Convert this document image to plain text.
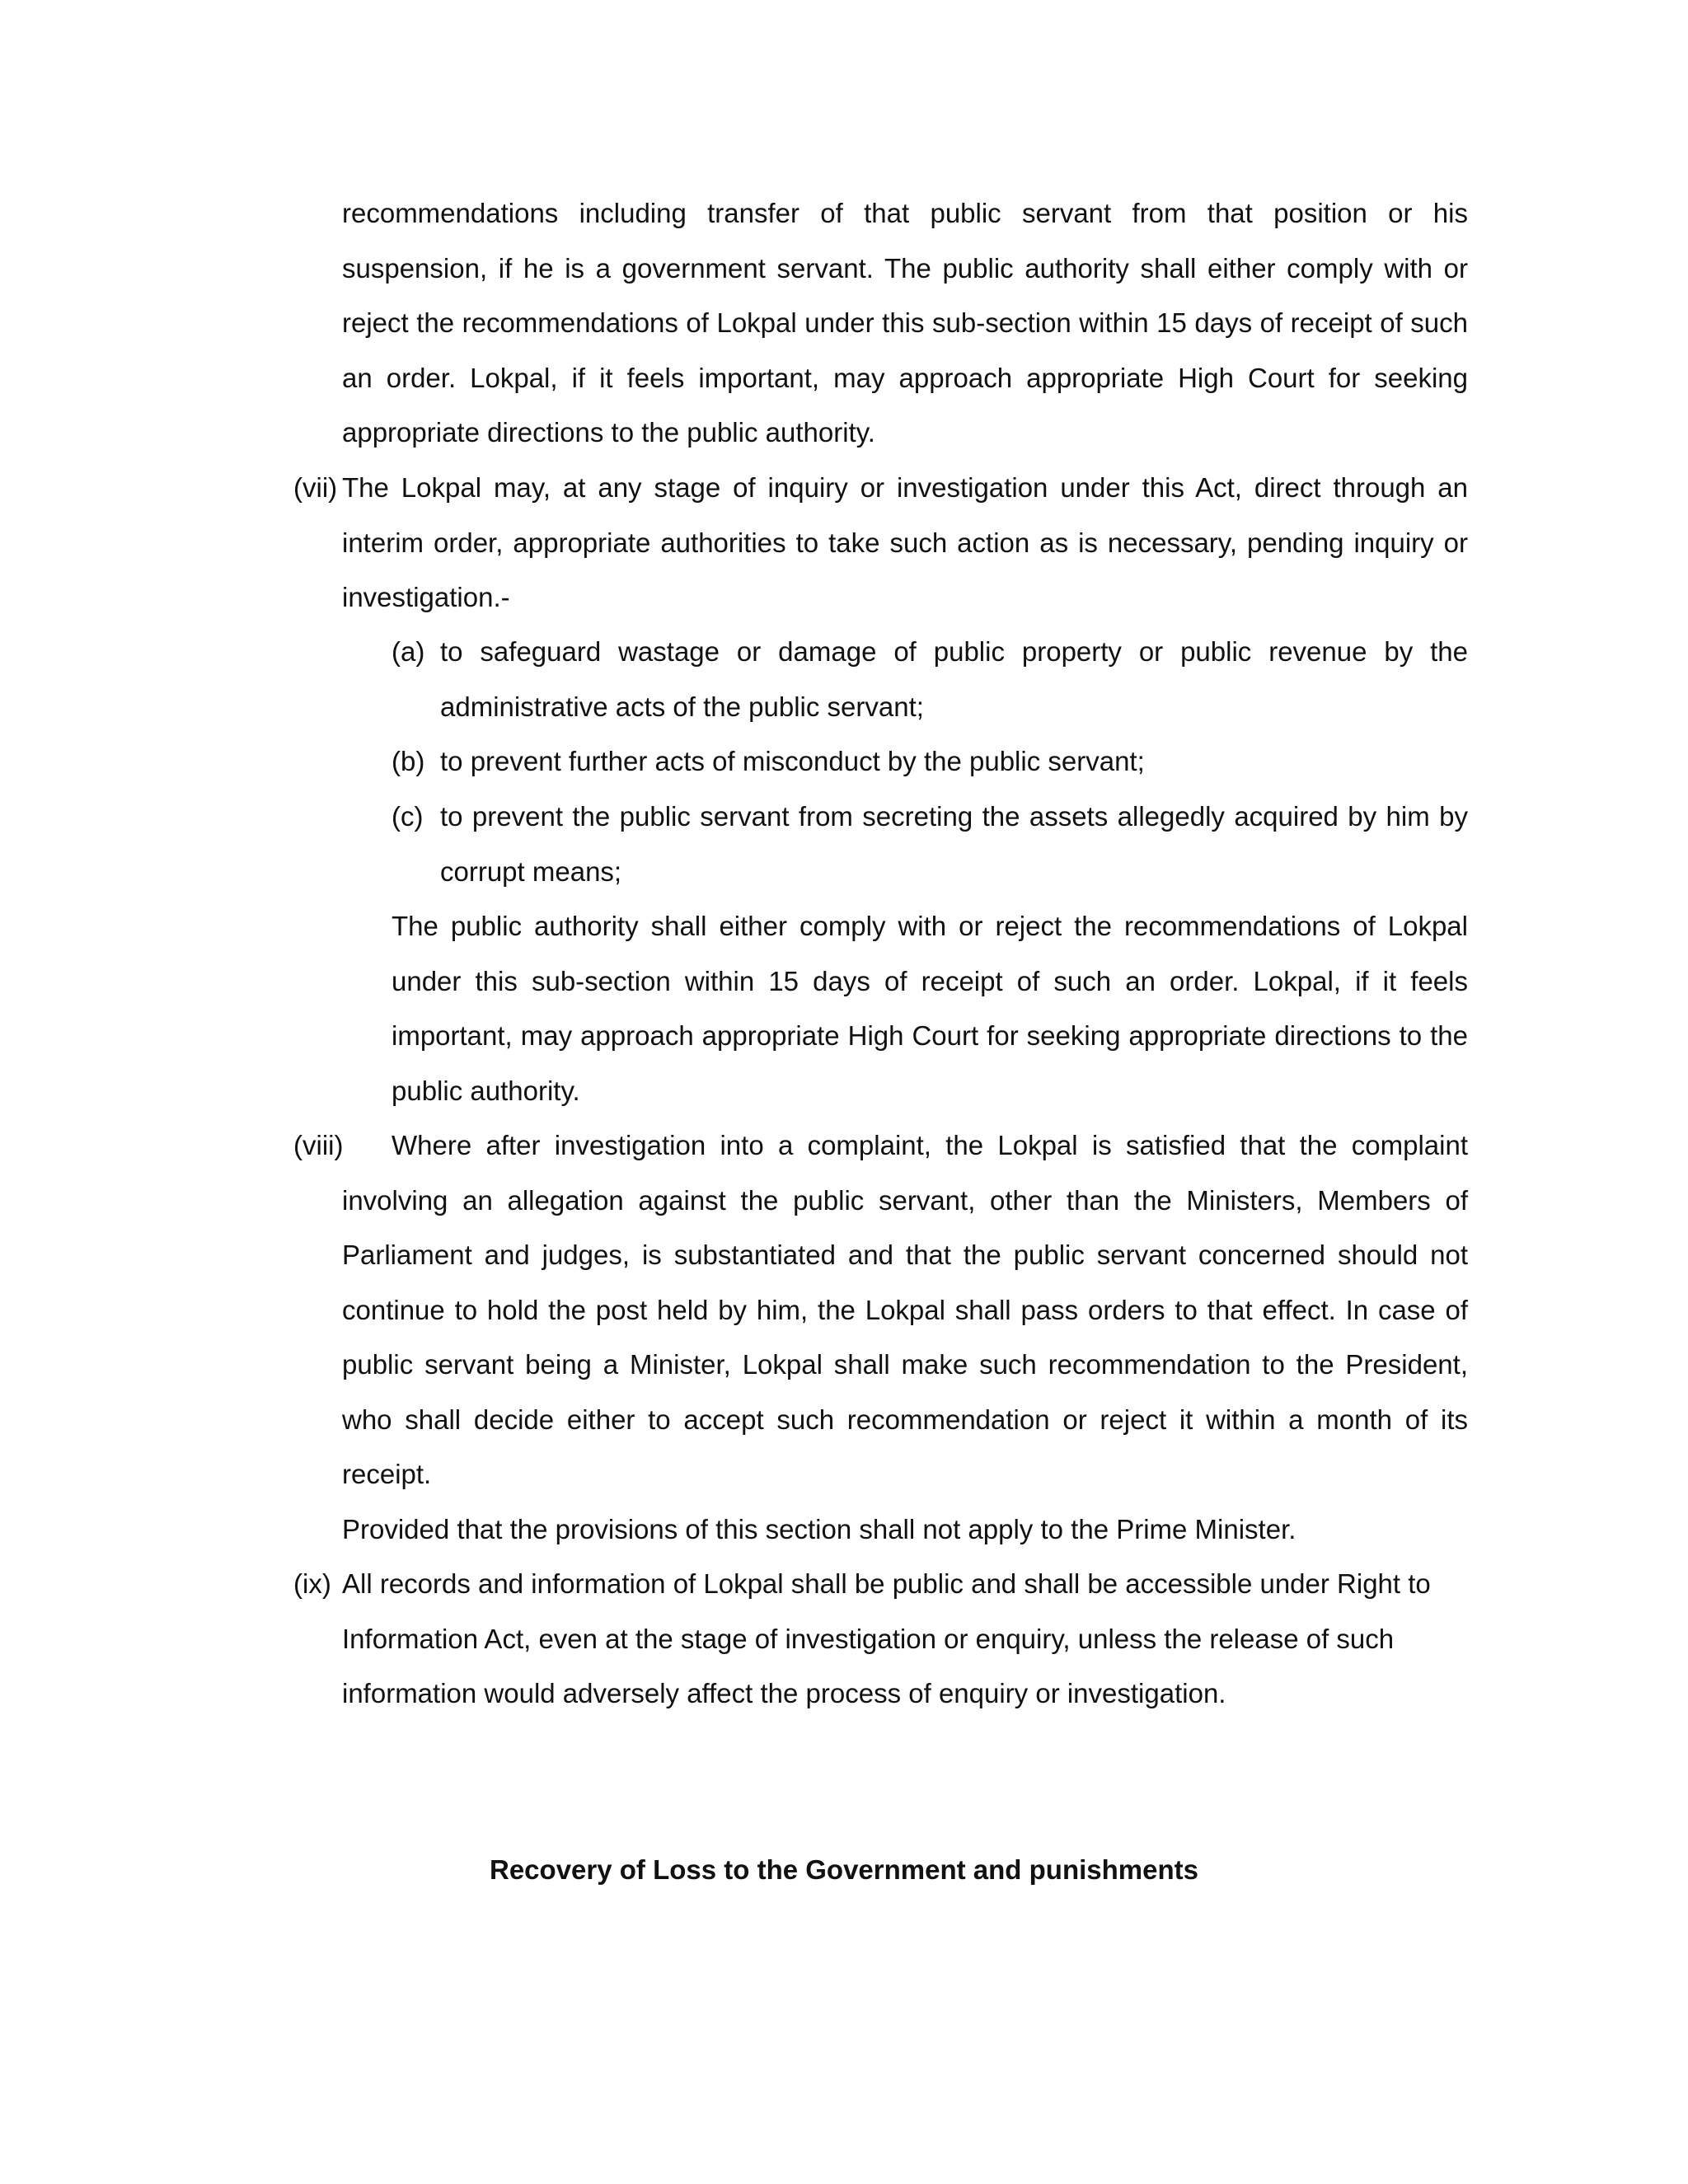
recommendations including transfer of that public servant from that position or his suspension, if he is a government servant. The public authority shall either comply with or reject the recommendations of Lokpal under this sub-section within 15 days of receipt of such an order. Lokpal, if it feels important, may approach appropriate High Court for seeking appropriate directions to the public authority.

(vii) The Lokpal may, at any stage of inquiry or investigation under this Act, direct through an interim order, appropriate authorities to take such action as is necessary, pending inquiry or investigation.-

(a) to safeguard wastage or damage of public property or public revenue by the administrative acts of the public servant;

(b) to prevent further acts of misconduct by the public servant;

(c) to prevent the public servant from secreting the assets allegedly acquired by him by corrupt means;

The public authority shall either comply with or reject the recommendations of Lokpal under this sub-section within 15 days of receipt of such an order. Lokpal, if it feels important, may approach appropriate High Court for seeking appropriate directions to the public authority.

(viii)	Where after investigation into a complaint, the Lokpal is satisfied that the complaint involving an allegation against the public servant, other than the Ministers, Members of Parliament and judges, is substantiated and that the public servant concerned should not continue to hold the post held by him, the Lokpal shall pass orders to that effect. In case of public servant being a Minister, Lokpal shall make such recommendation to the President, who shall decide either to accept such recommendation or reject it within a month of its receipt.

Provided that the provisions of this section shall not apply to the Prime Minister.

(ix) All records and information of Lokpal shall be public and shall be accessible under Right to Information Act, even at the stage of investigation or enquiry, unless the release of such information would adversely affect the process of enquiry or investigation.

Recovery of Loss to the Government and punishments
